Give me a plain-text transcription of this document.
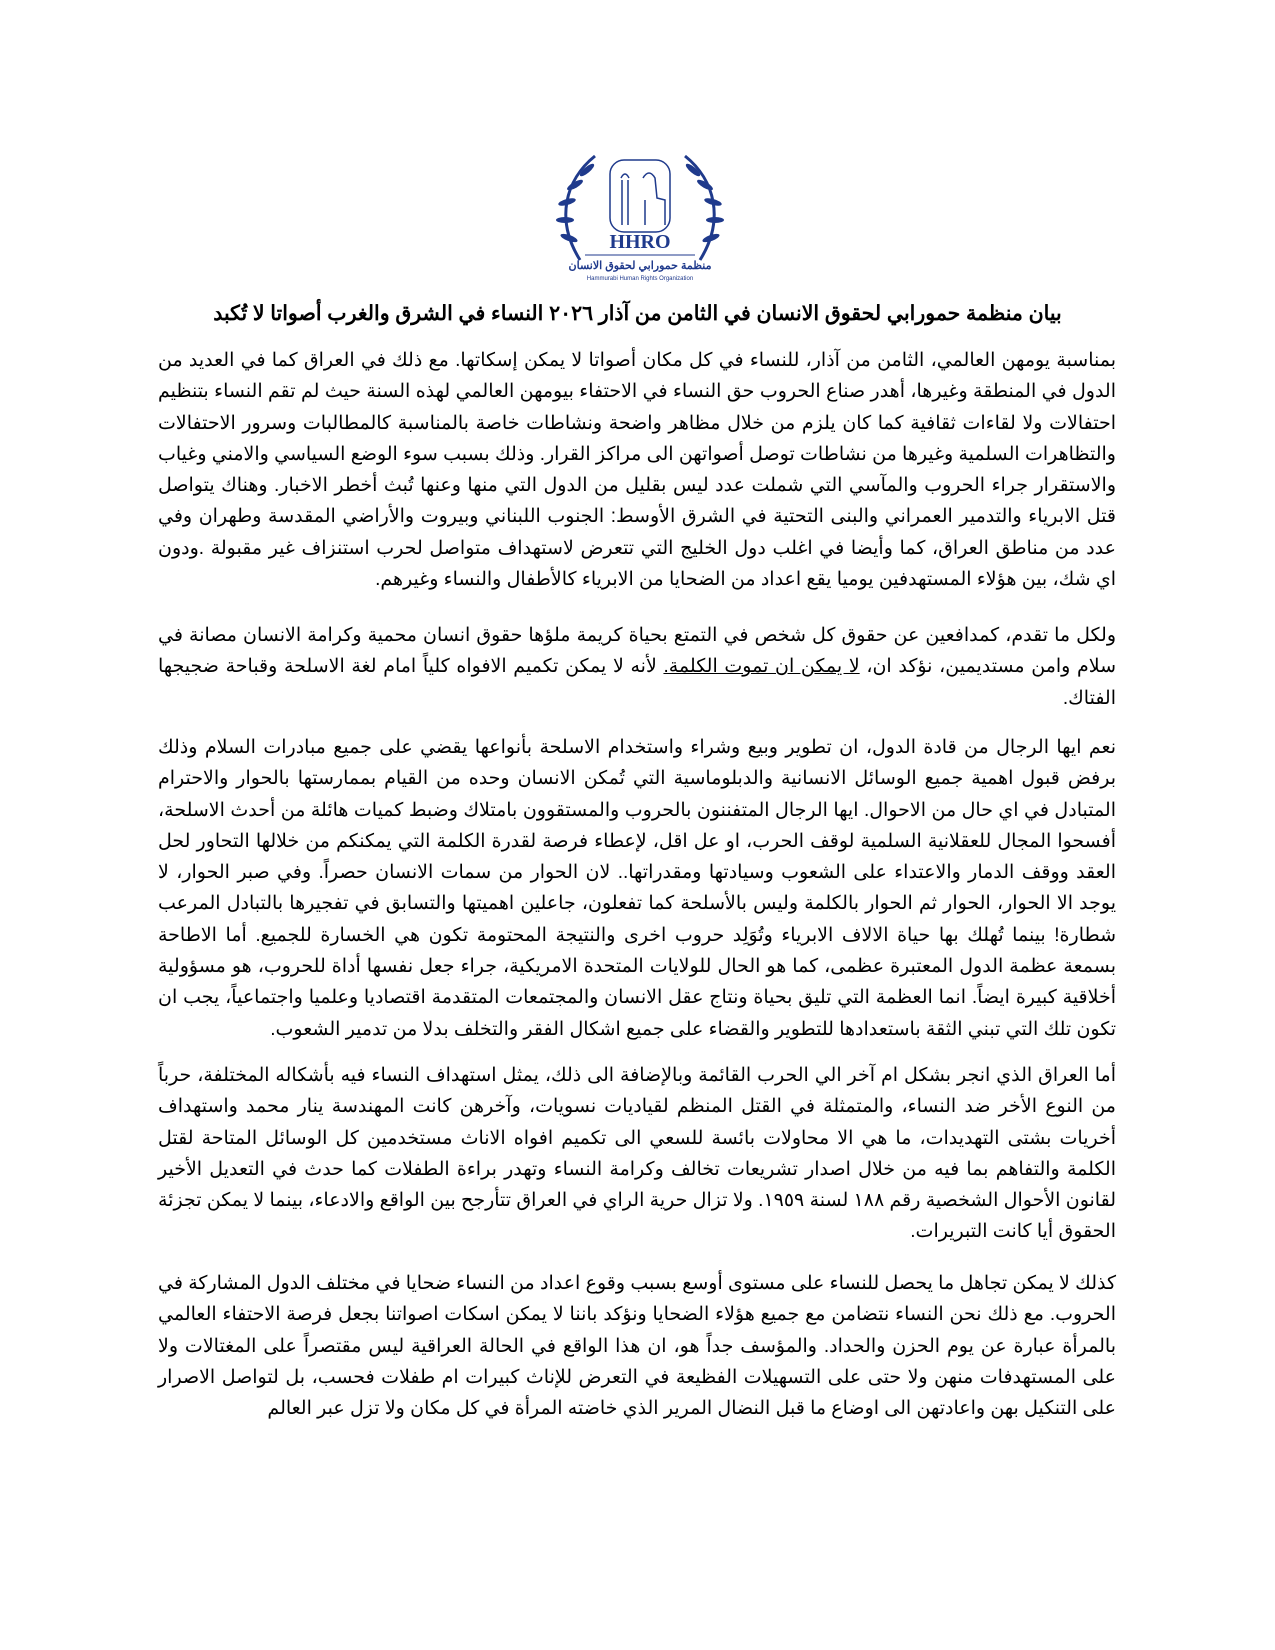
HHRO
منظمة حمورابي لحقوق الانسان
Hammurabi Human Rights Organization
بيان منظمة حمورابي لحقوق الانسان في الثامن من آذار ٢٠٢٦ النساء في الشرق والغرب أصواتا لا تُكبد

بمناسبة يومهن العالمي، الثامن من آذار، للنساء في كل مكان أصواتا لا يمكن إسكاتها. مع ذلك في العراق كما في العديد من الدول في المنطقة وغيرها، أهدر صناع الحروب حق النساء في الاحتفاء بيومهن العالمي لهذه السنة حيث لم تقم النساء بتنظيم احتفالات ولا لقاءات ثقافية كما كان يلزم من خلال مظاهر واضحة ونشاطات خاصة بالمناسبة كالمطالبات وسرور الاحتفالات والتظاهرات السلمية وغيرها من نشاطات توصل أصواتهن الى مراكز القرار. وذلك بسبب سوء الوضع السياسي والامني وغياب والاستقرار جراء الحروب والمآسي التي شملت عدد ليس بقليل من الدول التي منها وعنها تُبث أخطر الاخبار. وهناك يتواصل قتل الابرياء والتدمير العمراني والبنى التحتية في الشرق الأوسط: الجنوب اللبناني وبيروت والأراضي المقدسة وطهران وفي عدد من مناطق العراق، كما وأيضا في اغلب دول الخليج التي تتعرض لاستهداف متواصل لحرب استنزاف غير مقبولة .ودون اي شك، بين هؤلاء المستهدفين يوميا يقع اعداد من الضحايا من الابرياء كالأطفال والنساء وغيرهم.

ولكل ما تقدم، كمدافعين عن حقوق كل شخص في التمتع بحياة كريمة ملؤها حقوق انسان محمية وكرامة الانسان مصانة في سلام وامن مستديمين، نؤكد ان، لا يمكن ان تموت الكلمة. لأنه لا يمكن تكميم الافواه كلياً امام لغة الاسلحة وقباحة ضجيجها الفتاك.

نعم ايها الرجال من قادة الدول، ان تطوير وبيع وشراء واستخدام الاسلحة بأنواعها يقضي على جميع مبادرات السلام وذلك برفض قبول اهمية جميع الوسائل الانسانية والدبلوماسية التي تُمكن الانسان وحده من القيام بممارستها بالحوار والاحترام المتبادل في اي حال من الاحوال. ايها الرجال المتفننون بالحروب والمستقوون بامتلاك وضبط كميات هائلة من أحدث الاسلحة، أفسحوا المجال للعقلانية السلمية لوقف الحرب، او عل اقل، لإعطاء فرصة لقدرة الكلمة التي يمكنكم من خلالها التحاور لحل العقد ووقف الدمار والاعتداء على الشعوب وسيادتها ومقدراتها.. لان الحوار من سمات الانسان حصراً. وفي صبر الحوار، لا يوجد الا الحوار، الحوار ثم الحوار بالكلمة وليس بالأسلحة كما تفعلون، جاعلين اهميتها والتسابق في تفجيرها بالتبادل المرعب شطارة! بينما تُهلك بها حياة الالاف الابرياء وتُوَلِد حروب اخرى والنتيجة المحتومة تكون هي الخسارة للجميع. أما الاطاحة بسمعة عظمة الدول المعتبرة عظمى، كما هو الحال للولايات المتحدة الامريكية، جراء جعل نفسها أداة للحروب، هو مسؤولية أخلاقية كبيرة ايضاً. انما العظمة التي تليق بحياة ونتاج عقل الانسان والمجتمعات المتقدمة اقتصاديا وعلميا واجتماعياً، يجب ان تكون تلك التي تبني الثقة باستعدادها للتطوير والقضاء على جميع اشكال الفقر والتخلف بدلا من تدمير الشعوب.

أما العراق الذي انجر بشكل ام آخر الي الحرب القائمة وبالإضافة الى ذلك، يمثل استهداف النساء فيه بأشكاله المختلفة، حرباً من النوع الأخر ضد النساء، والمتمثلة في القتل المنظم لقياديات نسويات، وآخرهن كانت المهندسة ينار محمد واستهداف أخريات بشتى التهديدات، ما هي الا محاولات بائسة للسعي الى تكميم افواه الاناث مستخدمين كل الوسائل المتاحة لقتل الكلمة والتفاهم بما فيه من خلال اصدار تشريعات تخالف وكرامة النساء وتهدر براءة الطفلات كما حدث في التعديل الأخير لقانون الأحوال الشخصية رقم ١٨٨ لسنة ١٩٥٩. ولا تزال حرية الراي في العراق تتأرجح بين الواقع والادعاء، بينما لا يمكن تجزئة الحقوق أيا كانت التبريرات.

كذلك لا يمكن تجاهل ما يحصل للنساء على مستوى أوسع بسبب وقوع اعداد من النساء ضحايا في مختلف الدول المشاركة في الحروب. مع ذلك نحن النساء نتضامن مع جميع هؤلاء الضحايا ونؤكد باننا لا يمكن اسكات اصواتنا بجعل فرصة الاحتفاء العالمي بالمرأة عبارة عن يوم الحزن والحداد. والمؤسف جداً هو، ان هذا الواقع في الحالة العراقية ليس مقتصراً على المغتالات ولا على المستهدفات منهن ولا حتى على التسهيلات الفظيعة في التعرض للإناث كبيرات ام طفلات فحسب، بل لتواصل الاصرار على التنكيل بهن واعادتهن الى اوضاع ما قبل النضال المرير الذي خاضته المرأة في كل مكان ولا تزل عبر العالم
